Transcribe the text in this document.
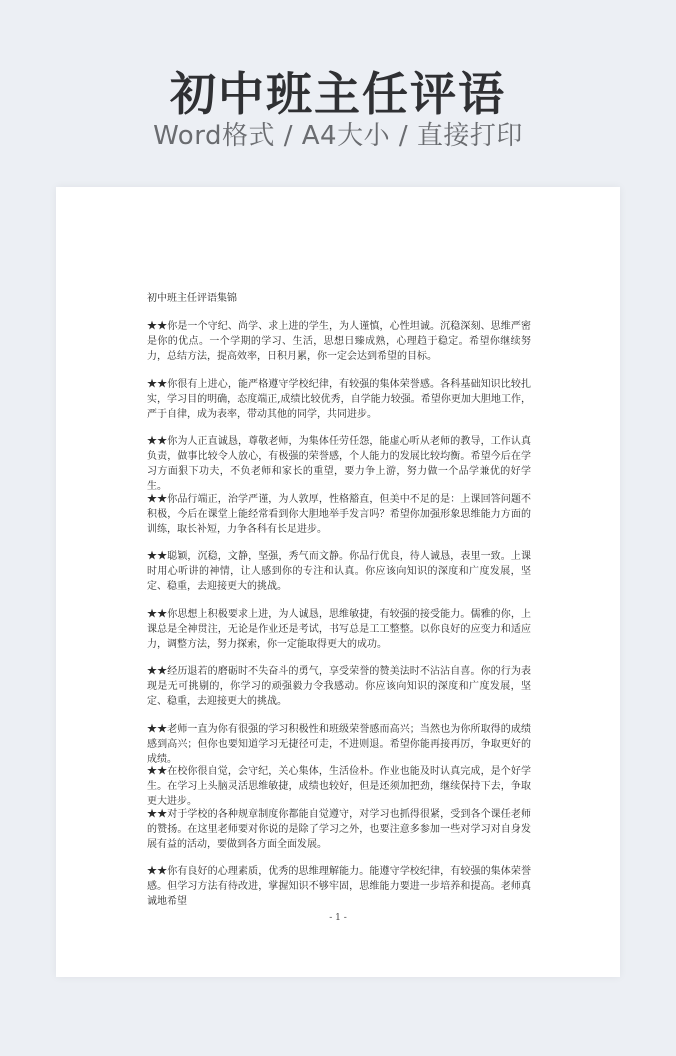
初中班主任评语
Word格式 / A4大小 / 直接打印
初中班主任评语集锦

★★你是一个守纪、尚学、求上进的学生，为人谨慎，心性坦诚。沉稳深刻、思维严密是你的优点。一个学期的学习、生活，思想日臻成熟，心理趋于稳定。希望你继续努力，总结方法，提高效率，日积月累，你一定会达到希望的目标。

★★你很有上进心，能严格遵守学校纪律，有较强的集体荣誉感。各科基础知识比较扎实，学习目的明确，态度端正,成绩比较优秀，自学能力较强。希望你更加大胆地工作，严于自律，成为表率，带动其他的同学，共同进步。

★★你为人正直诚恳，尊敬老师，为集体任劳任怨，能虚心听从老师的教导，工作认真负责，做事比较令人放心，有极强的荣誉感，个人能力的发展比较均衡。希望今后在学习方面狠下功夫，不负老师和家长的重望，要力争上游，努力做一个品学兼优的好学生。

★★你品行端正，治学严谨，为人敦厚，性格豁直，但美中不足的是：上课回答问题不积极，今后在课堂上能经常看到你大胆地举手发言吗？希望你加强形象思维能力方面的训练，取长补短，力争各科有长足进步。

★★聪颖，沉稳，文静，坚强，秀气而文静。你品行优良，待人诚恳，表里一致。上课时用心听讲的神情，让人感到你的专注和认真。你应该向知识的深度和广度发展，坚定、稳重，去迎接更大的挑战。

★★你思想上积极要求上进，为人诚恳，思维敏捷，有较强的接受能力。儒雅的你，上课总是全神贯注，无论是作业还是考试，书写总是工工整整。以你良好的应变力和适应力，调整方法，努力探索，你一定能取得更大的成功。

★★经历退若的磨砺时不失奋斗的勇气，享受荣誉的赞美法时不沾沾自喜。你的行为表现是无可挑剔的，你学习的顽强毅力令我感动。你应该向知识的深度和广度发展，坚定、稳重，去迎接更大的挑战。

★★老师一直为你有很强的学习积极性和班级荣誉感而高兴；当然也为你所取得的成绩感到高兴；但你也要知道学习无捷径可走，不进则退。希望你能再接再厉，争取更好的成绩。

★★在校你很自觉，会守纪，关心集体，生活俭朴。作业也能及时认真完成，是个好学生。在学习上头脑灵活思维敏捷，成绩也较好，但是还须加把劲，继续保持下去，争取更大进步。

★★对于学校的各种规章制度你都能自觉遵守，对学习也抓得很紧，受到各个课任老师的赞扬。在这里老师要对你说的是除了学习之外，也要注意多参加一些对学习对自身发展有益的活动，要做到各方面全面发展。

★★你有良好的心理素质，优秀的思维理解能力。能遵守学校纪律，有较强的集体荣誉感。但学习方法有待改进，掌握知识不够牢固，思维能力要进一步培养和提高。老师真诚地希望

- 1 -
